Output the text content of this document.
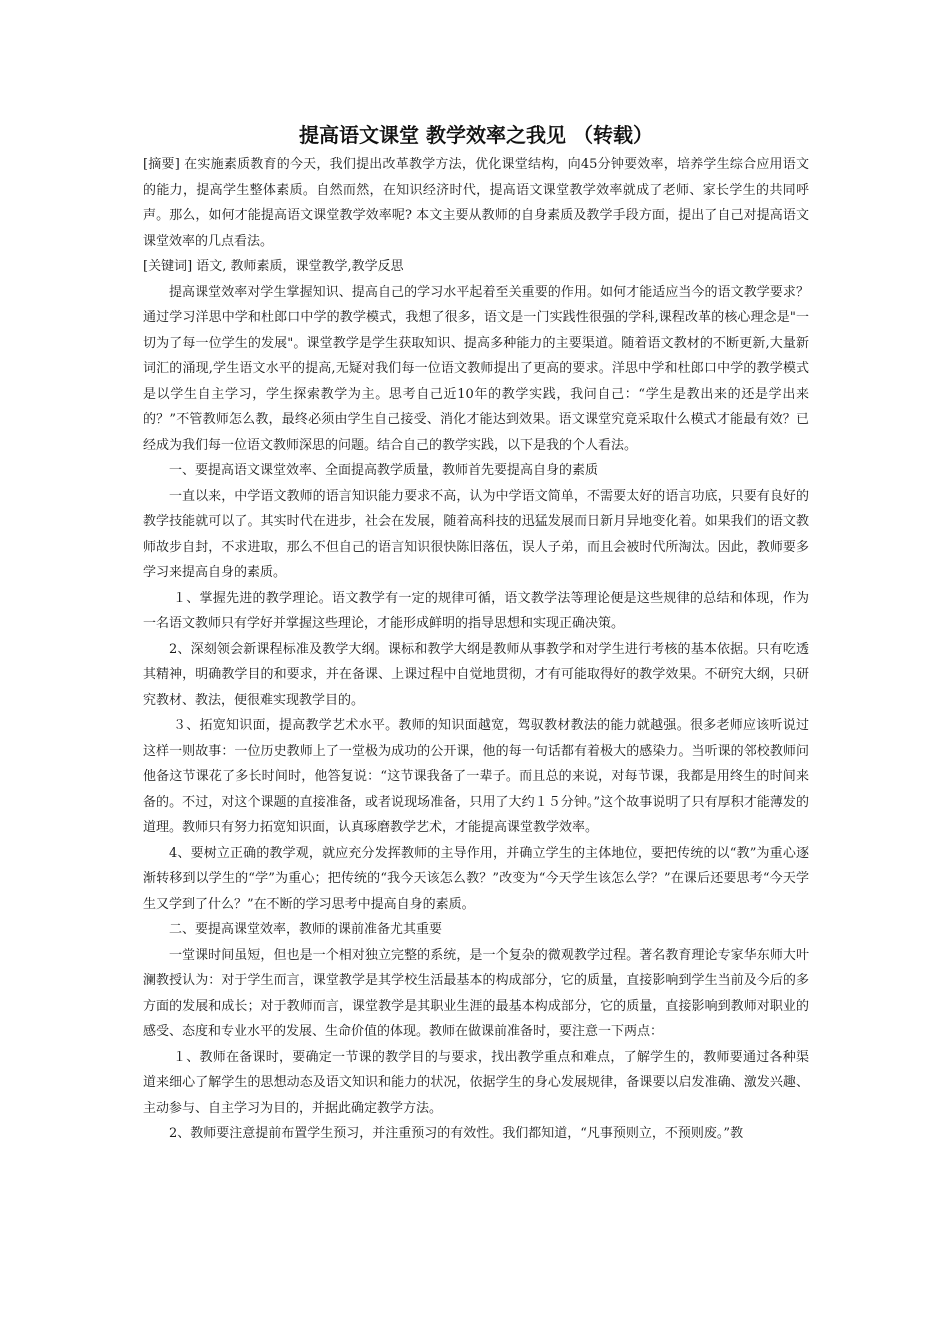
提高语文课堂 教学效率之我见 （转载）

[摘要] 在实施素质教育的今天，我们提出改革教学方法，优化课堂结构，向45分钟要效率，培养学生综合应用语文的能力，提高学生整体素质。自然而然，在知识经济时代，提高语文课堂教学效率就成了老师、家长学生的共同呼声。那么，如何才能提高语文课堂教学效率呢? 本文主要从教师的自身素质及教学手段方面，提出了自己对提高语文课堂效率的几点看法。

[关键词] 语文, 教师素质，课堂教学,教学反思

提高课堂效率对学生掌握知识、提高自己的学习水平起着至关重要的作用。如何才能适应当今的语文教学要求？通过学习洋思中学和杜郎口中学的教学模式，我想了很多，语文是一门实践性很强的学科,课程改革的核心理念是"一切为了每一位学生的发展"。课堂教学是学生获取知识、提高多种能力的主要渠道。随着语文教材的不断更新,大量新词汇的涌现,学生语文水平的提高,无疑对我们每一位语文教师提出了更高的要求。洋思中学和杜郎口中学的教学模式是以学生自主学习，学生探索教学为主。思考自己近10年的教学实践，我问自己：“学生是教出来的还是学出来的？”不管教师怎么教，最终必须由学生自己接受、消化才能达到效果。语文课堂究竟采取什么模式才能最有效？已经成为我们每一位语文教师深思的问题。结合自己的教学实践，以下是我的个人看法。

一、要提高语文课堂效率、全面提高教学质量，教师首先要提高自身的素质

一直以来，中学语文教师的语言知识能力要求不高，认为中学语文简单，不需要太好的语言功底，只要有良好的教学技能就可以了。其实时代在进步，社会在发展，随着高科技的迅猛发展而日新月异地变化着。如果我们的语文教师故步自封，不求进取，那么不但自己的语言知识很快陈旧落伍，误人子弟，而且会被时代所淘汰。因此，教师要多学习来提高自身的素质。

１、掌握先进的教学理论。语文教学有一定的规律可循，语文教学法等理论便是这些规律的总结和体现，作为一名语文教师只有学好并掌握这些理论，才能形成鲜明的指导思想和实现正确决策。

2、深刻领会新课程标准及教学大纲。课标和教学大纲是教师从事教学和对学生进行考核的基本依据。只有吃透其精神，明确教学目的和要求，并在备课、上课过程中自觉地贯彻，才有可能取得好的教学效果。不研究大纲，只研究教材、教法，便很难实现教学目的。

３、拓宽知识面，提高教学艺术水平。教师的知识面越宽，驾驭教材教法的能力就越强。很多老师应该听说过这样一则故事：一位历史教师上了一堂极为成功的公开课，他的每一句话都有着极大的感染力。当听课的邻校教师问他备这节课花了多长时间时，他答复说：“这节课我备了一辈子。而且总的来说，对每节课，我都是用终生的时间来备的。不过，对这个课题的直接准备，或者说现场准备，只用了大约１５分钟。”这个故事说明了只有厚积才能薄发的道理。教师只有努力拓宽知识面，认真琢磨教学艺术，才能提高课堂教学效率。

4、要树立正确的教学观，就应充分发挥教师的主导作用，并确立学生的主体地位，要把传统的以“教”为重心逐渐转移到以学生的“学”为重心；把传统的“我今天该怎么教？”改变为“今天学生该怎么学？”在课后还要思考“今天学生又学到了什么？”在不断的学习思考中提高自身的素质。

二、要提高课堂效率，教师的课前准备尤其重要

一堂课时间虽短，但也是一个相对独立完整的系统，是一个复杂的微观教学过程。著名教育理论专家华东师大叶澜教授认为：对于学生而言，课堂教学是其学校生活最基本的构成部分，它的质量，直接影响到学生当前及今后的多方面的发展和成长；对于教师而言，课堂教学是其职业生涯的最基本构成部分，它的质量，直接影响到教师对职业的感受、态度和专业水平的发展、生命价值的体现。教师在做课前准备时，要注意一下两点：

１、教师在备课时，要确定一节课的教学目的与要求，找出教学重点和难点，了解学生的，教师要通过各种渠道来细心了解学生的思想动态及语文知识和能力的状况，依据学生的身心发展规律，备课要以启发准确、激发兴趣、主动参与、自主学习为目的，并据此确定教学方法。

2、教师要注意提前布置学生预习，并注重预习的有效性。我们都知道，“凡事预则立，不预则废。”教
